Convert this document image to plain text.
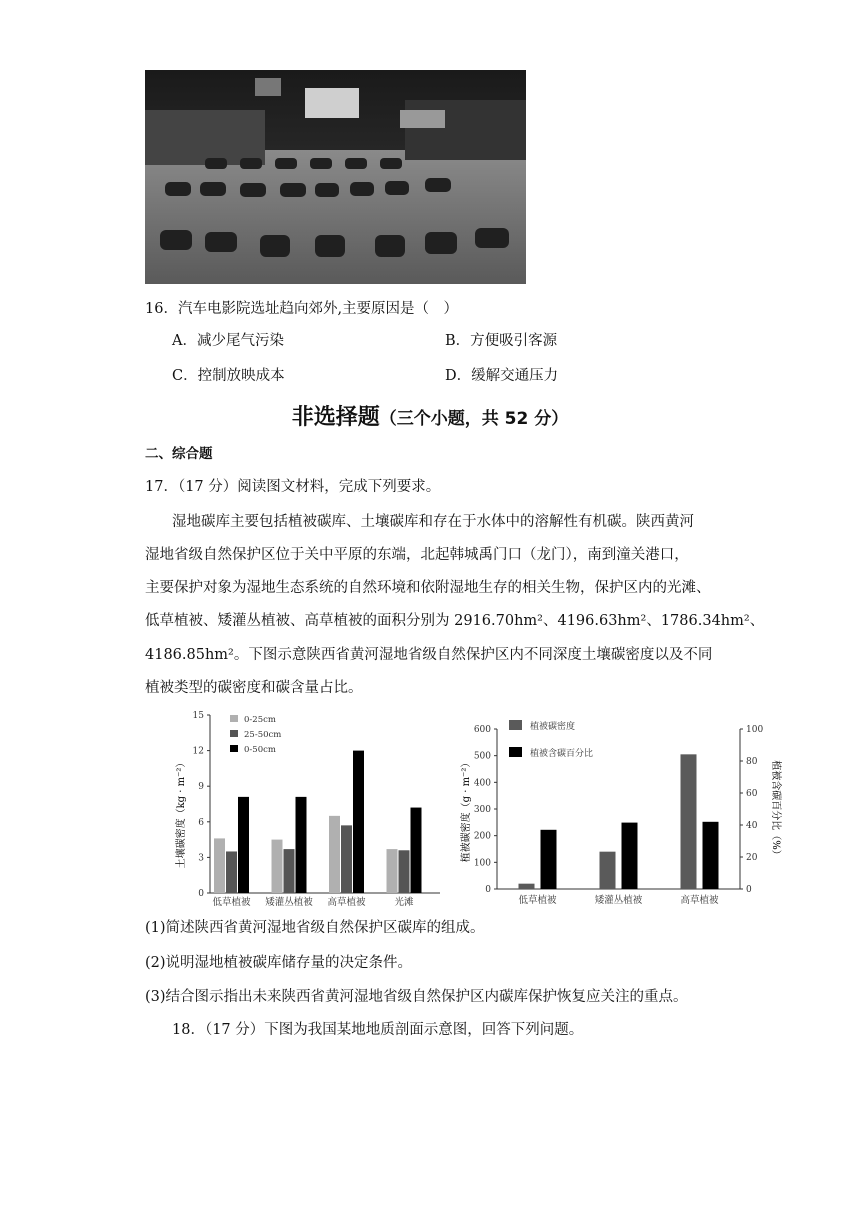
16．汽车电影院选址趋向郊外,主要原因是（　）
A．减少尾气污染	B．方便吸引客源
C．控制放映成本	D．缓解交通压力
非选择题（三个小题，共 52 分）
二、综合题
17．（17 分）阅读图文材料，完成下列要求。
湿地碳库主要包括植被碳库、土壤碳库和存在于水体中的溶解性有机碳。陕西黄河
湿地省级自然保护区位于关中平原的东端，北起韩城禹门口（龙门），南到潼关港口，
主要保护对象为湿地生态系统的自然环境和依附湿地生存的相关生物，保护区内的光滩、
低草植被、矮灌丛植被、高草植被的面积分别为 2916.70hm²、4196.63hm²、1786.34hm²、
4186.85hm²。下图示意陕西省黄河湿地省级自然保护区内不同深度土壤碳密度以及不同
植被类型的碳密度和碳含量占比。
0
3
6
9
12
15	0-25cm
25-50cm
0-50cm
低草植被 矮灌丛植被 高草植被	光滩
土壤碳密度（kg · m⁻²）
0
100
200
300
400
500
600
0
20
40
60
80
100
植被碳密度
植被含碳百分比
低草植被	矮灌丛植被	高草植被
植被碳密度（g · m⁻²）	植被含碳百分比（%）
(1)简述陕西省黄河湿地省级自然保护区碳库的组成。
(2)说明湿地植被碳库储存量的决定条件。
(3)结合图示指出未来陕西省黄河湿地省级自然保护区内碳库保护恢复应关注的重点。
18．（17 分）下图为我国某地地质剖面示意图，回答下列问题。
